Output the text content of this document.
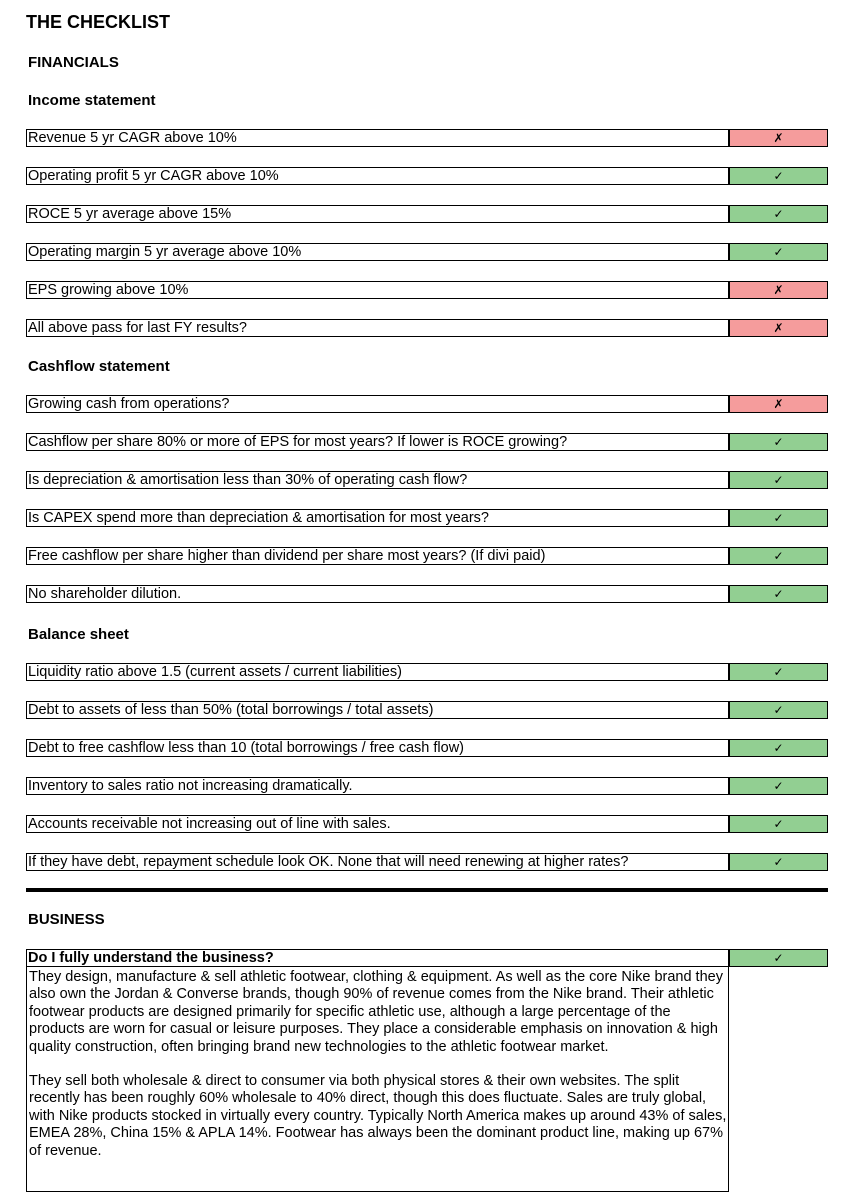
THE CHECKLIST
FINANCIALS
Income statement
Revenue 5 yr CAGR above 10%	✗
Operating profit 5 yr CAGR above 10%	✓
ROCE 5 yr average above 15%	✓
Operating margin 5 yr average above 10%	✓
EPS growing above 10%	✗
All above pass for last FY results?	✗
Cashflow statement
Growing cash from operations?	✗
Cashflow per share 80% or more of EPS for most years? If lower is ROCE growing?	✓
Is depreciation & amortisation less than 30% of operating cash flow?	✓
Is CAPEX spend more than depreciation & amortisation for most years?	✓
Free cashflow per share higher than dividend per share most years? (If divi paid)	✓
No shareholder dilution.	✓
Balance sheet
Liquidity ratio above 1.5 (current assets / current liabilities)	✓
Debt to assets of less than 50% (total borrowings / total assets)	✓
Debt to free cashflow less than 10 (total borrowings / free cash flow)	✓
Inventory to sales ratio not increasing dramatically.	✓
Accounts receivable not increasing out of line with sales.	✓
If they have debt, repayment schedule look OK. None that will need renewing at higher rates?	✓
BUSINESS
Do I fully understand the business?	✓

They design, manufacture & sell athletic footwear, clothing & equipment. As well as the core Nike brand they also own the Jordan & Converse brands, though 90% of revenue comes from the Nike brand. Their athletic footwear products are designed primarily for specific athletic use, although a large percentage of the products are worn for casual or leisure purposes. They place a considerable emphasis on innovation & high quality construction, often bringing brand new technologies to the athletic footwear market.

They sell both wholesale & direct to consumer via both physical stores & their own websites. The split recently has been roughly 60% wholesale to 40% direct, though this does fluctuate. Sales are truly global, with Nike products stocked in virtually every country. Typically North America makes up around 43% of sales, EMEA 28%, China 15% & APLA 14%. Footwear has always been the dominant product line, making up 67% of revenue.
